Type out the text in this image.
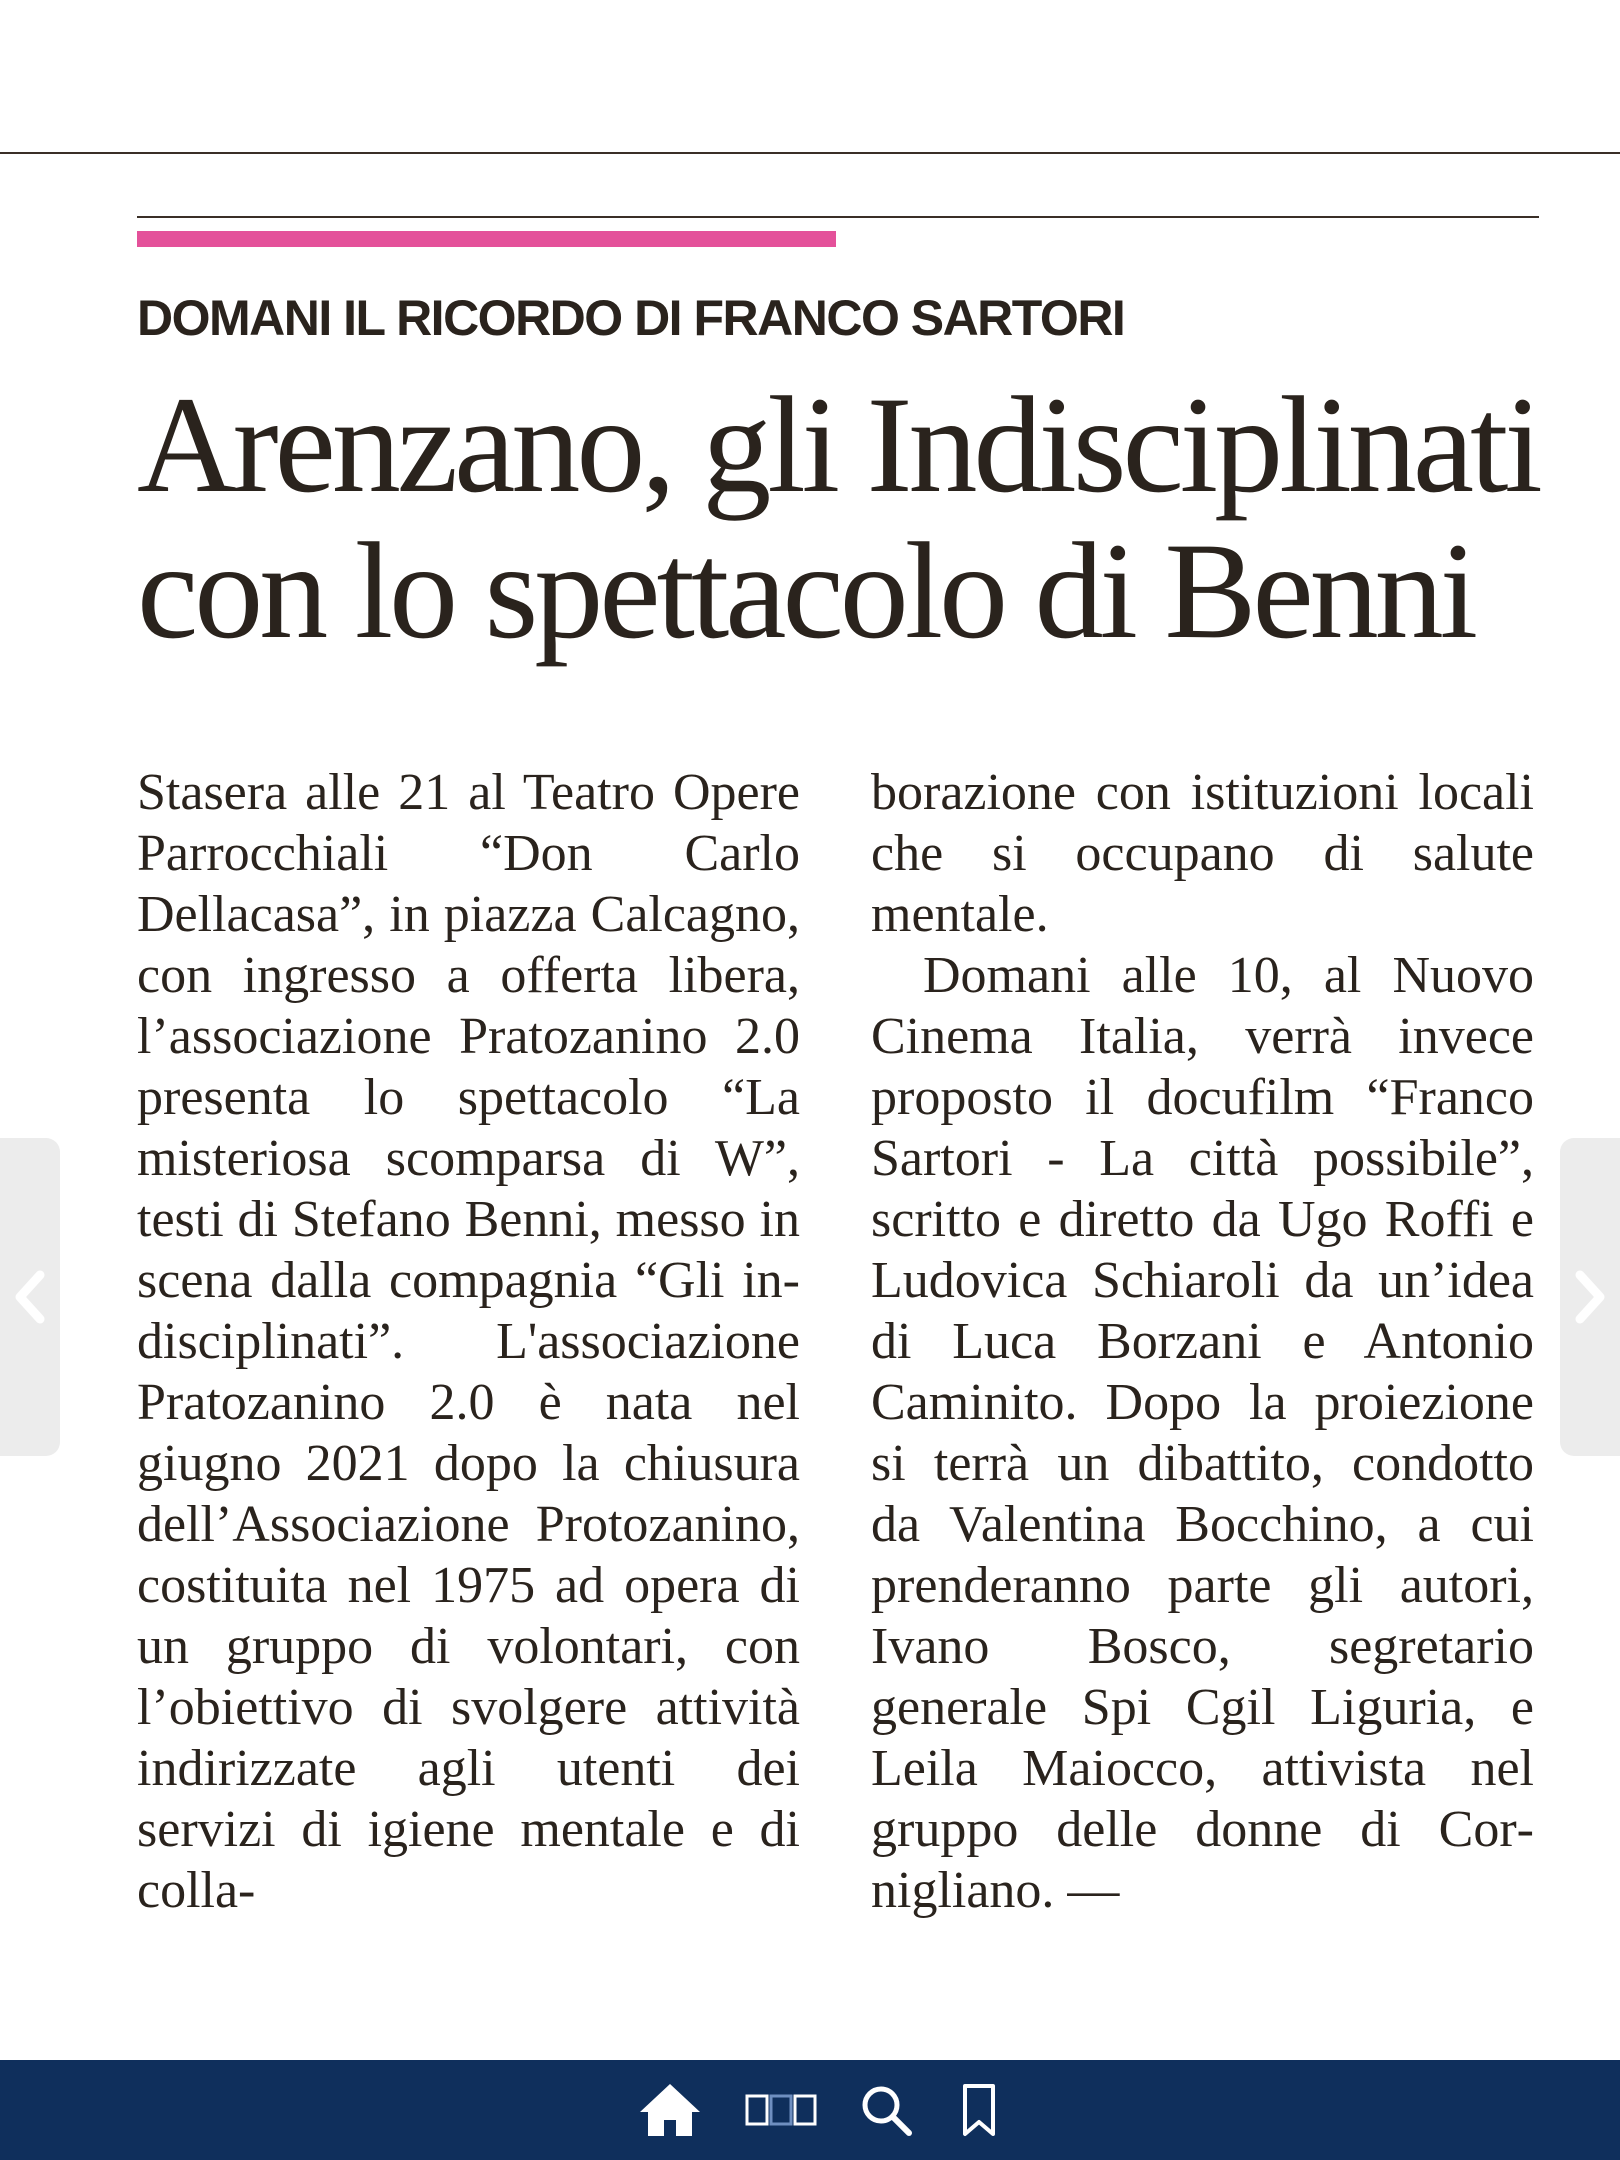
DOMANI IL RICORDO DI FRANCO SARTORI
Arenzano, gli Indisciplinati
con lo spettacolo di Benni

Stasera alle 21 al Teatro Opere Parrocchiali “Don Carlo Dellacasa”, in piazza Calcagno, con ingresso a offerta libera, l’associazione Pratozanino 2.0 presenta lo spettacolo “La misteriosa scomparsa di W”, testi di Stefano Benni, messo in scena dalla compagnia “Gli indisciplinati”. L'associazione Pratozanino 2.0 è nata nel giugno 2021 dopo la chiusura dell’Associazione Protozanino, costituita nel 1975 ad opera di un gruppo di volontari, con l’obiettivo di svolgere attività indirizzate agli utenti dei servizi di igiene mentale e di colla-

borazione con istituzioni locali che si occupano di salute mentale.

Domani alle 10, al Nuovo Cinema Italia, verrà invece proposto il docufilm “Franco Sartori - La città possibile”, scritto e diretto da Ugo Roffi e Ludovica Schiaroli da un’idea di Luca Borzani e Antonio Caminito. Dopo la proiezione si terrà un dibattito, condotto da Valentina Bocchino, a cui prenderanno parte gli autori, Ivano Bosco, segretario generale Spi Cgil Liguria, e Leila Maiocco, attivista nel gruppo delle donne di Cornigliano. —
